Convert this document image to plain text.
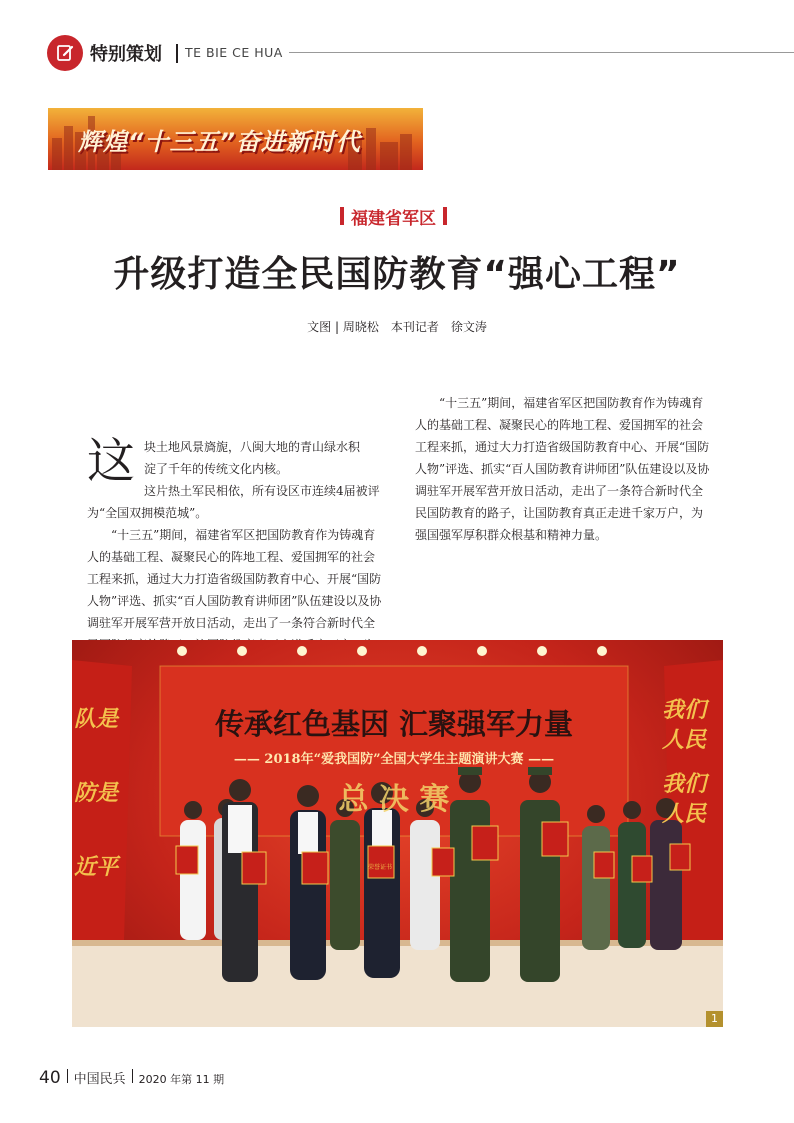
特别策划 TE BIE CE HUA
辉煌“十三五”奋进新时代
福建省军区
升级打造全民国防教育“强心工程”
文图 | 周晓松　本刊记者　徐文涛
这 块土地风景旖旎，八闽大地的青山绿水积
淀了千年的传统文化内核。
这片热土军民相依，所有设区市连续4届被评为“全国双拥模范城”。
“十三五”期间，福建省军区把国防教育作为铸魂育人的基础工程、凝聚民心的阵地工程、爱国拥军的社会工程来抓，通过大力打造省级国防教育中心、开展“国防人物”评选、抓实“百人国防教育讲师团”队伍建设以及协调驻军开展军营开放日活动，走出了一条符合新时代全
“十三五”期间，福建省军区把国防教育作为铸魂育人的基础工程、凝聚民心的阵地工程、爱国拥军的社会工程来抓，通过大力打造省级国防教育中心、开展“国防人物”评选、抓实“百人国防教育讲师团”队伍建设以及协调驻军开展军营开放日活动，走出了一条符合新时代全民国防教育的路子，让国防教育真正走进千家万户，为强国强军厚积群众根基和精神力量。
传承红色基因 汇聚强军力量
—— 2018年“爱我国防”全国大学生主题演讲大赛 ——
总 决 赛
队是
防是
近平
我们
人民
我们
人民
荣誉证书
1
40 中国民兵 2020 年第 11 期
